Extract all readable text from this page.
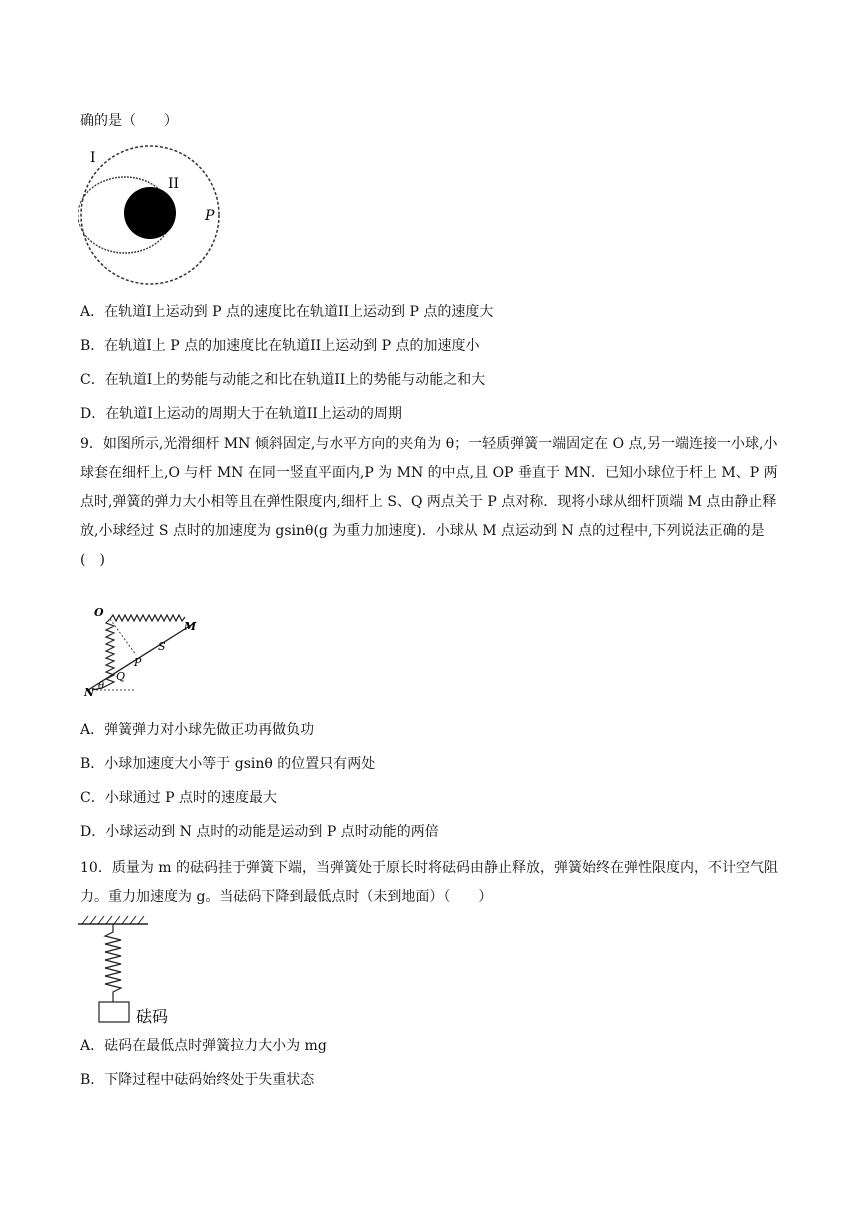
确的是（　　）
I
II
P
A．在轨道I上运动到 P 点的速度比在轨道II上运动到 P 点的速度大
B．在轨道I上 P 点的加速度比在轨道II上运动到 P 点的加速度小
C．在轨道I上的势能与动能之和比在轨道II上的势能与动能之和大
D．在轨道I上运动的周期大于在轨道II上运动的周期
9．如图所示,光滑细杆 MN 倾斜固定,与水平方向的夹角为 θ；一轻质弹簧一端固定在 O 点,另一端连接一小球,小球套在细杆上,O 与杆 MN 在同一竖直平面内,P 为 MN 的中点,且 OP 垂直于 MN．已知小球位于杆上 M、P 两点时,弹簧的弹力大小相等且在弹性限度内,细杆上 S、Q 两点关于 P 点对称．现将小球从细杆顶端 M 点由静止释放,小球经过 S 点时的加速度为 gsinθ(g 为重力加速度)．小球从 M 点运动到 N 点的过程中,下列说法正确的是(　)
O
M
S
P
Q
θ
N
A．弹簧弹力对小球先做正功再做负功
B．小球加速度大小等于 gsinθ 的位置只有两处
C．小球通过 P 点时的速度最大
D．小球运动到 N 点时的动能是运动到 P 点时动能的两倍
10．质量为 m 的砝码挂于弹簧下端，当弹簧处于原长时将砝码由静止释放，弹簧始终在弹性限度内，不计空气阻力。重力加速度为 g。当砝码下降到最低点时（未到地面）（　　）
砝码
A．砝码在最低点时弹簧拉力大小为 mg
B．下降过程中砝码始终处于失重状态
